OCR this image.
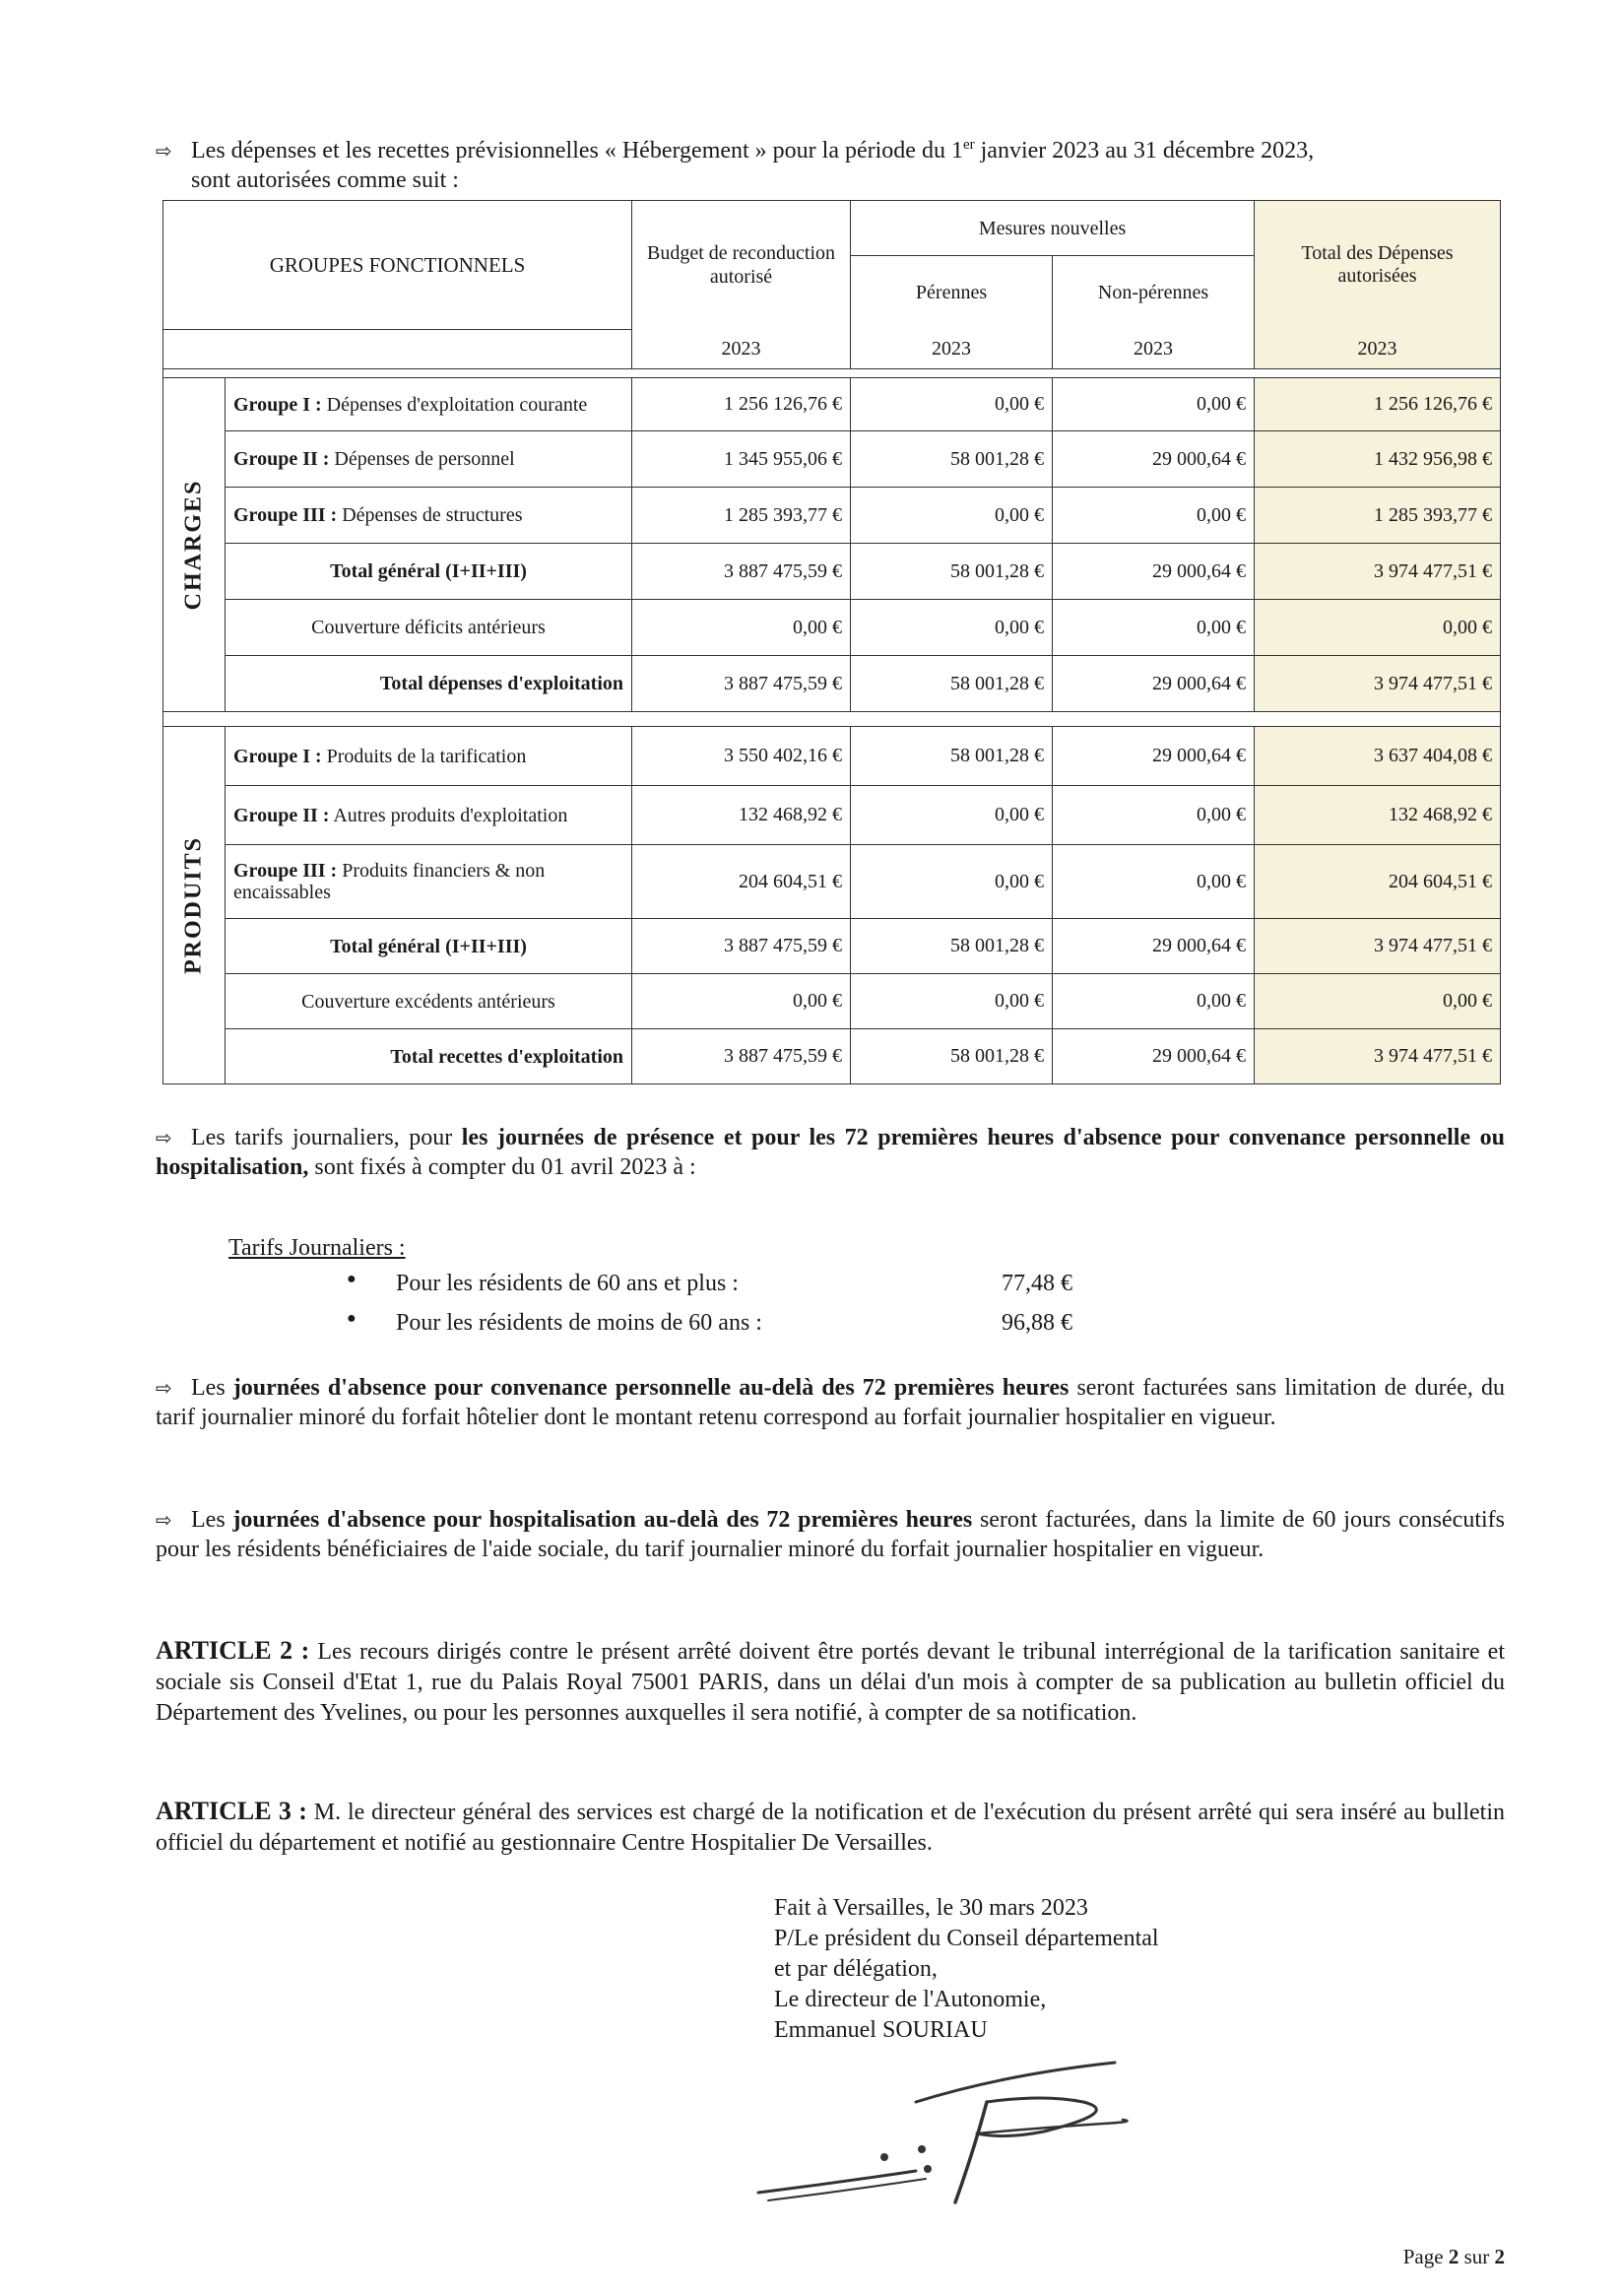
⇨ Les dépenses et les recettes prévisionnelles « Hébergement » pour la période du 1er janvier 2023 au 31 décembre 2023,
sont autorisées comme suit :
GROUPES FONCTIONNELS		Budget de reconduction autorisé	Mesures nouvelles		Total des Dépenses autorisées
			Pérennes	Non-pérennes	
		2023	2023	2023	2023

CHARGES	Groupe I : Dépenses d'exploitation courante	1 256 126,76 €	0,00 €	0,00 €	1 256 126,76 €
	Groupe II : Dépenses de personnel	1 345 955,06 €	58 001,28 €	29 000,64 €	1 432 956,98 €
	Groupe III : Dépenses de structures	1 285 393,77 €	0,00 €	0,00 €	1 285 393,77 €
	Total général (I+II+III)	3 887 475,59 €	58 001,28 €	29 000,64 €	3 974 477,51 €
	Couverture déficits antérieurs	0,00 €	0,00 €	0,00 €	0,00 €
	Total dépenses d'exploitation	3 887 475,59 €	58 001,28 €	29 000,64 €	3 974 477,51 €

PRODUITS	Groupe I : Produits de la tarification	3 550 402,16 €	58 001,28 €	29 000,64 €	3 637 404,08 €
	Groupe II : Autres produits d'exploitation	132 468,92 €	0,00 €	0,00 €	132 468,92 €
	Groupe III : Produits financiers & non encaissables	204 604,51 €	0,00 €	0,00 €	204 604,51 €
	Total général (I+II+III)	3 887 475,59 €	58 001,28 €	29 000,64 €	3 974 477,51 €
	Couverture excédents antérieurs	0,00 €	0,00 €	0,00 €	0,00 €
	Total recettes d'exploitation	3 887 475,59 €	58 001,28 €	29 000,64 €	3 974 477,51 €
⇨ Les tarifs journaliers, pour les journées de présence et pour les 72 premières heures d'absence pour convenance personnelle ou hospitalisation, sont fixés à compter du 01 avril 2023 à :
Tarifs Journaliers :
● Pour les résidents de 60 ans et plus :	77,48 €
● Pour les résidents de moins de 60 ans :	96,88 €
⇨ Les journées d'absence pour convenance personnelle au-delà des 72 premières heures seront facturées sans limitation de durée, du tarif journalier minoré du forfait hôtelier dont le montant retenu correspond au forfait journalier hospitalier en vigueur.
⇨ Les journées d'absence pour hospitalisation au-delà des 72 premières heures seront facturées, dans la limite de 60 jours consécutifs pour les résidents bénéficiaires de l'aide sociale, du tarif journalier minoré du forfait journalier hospitalier en vigueur.
ARTICLE 2 : Les recours dirigés contre le présent arrêté doivent être portés devant le tribunal interrégional de la tarification sanitaire et sociale sis Conseil d'Etat 1, rue du Palais Royal 75001 PARIS, dans un délai d'un mois à compter de sa publication au bulletin officiel du Département des Yvelines, ou pour les personnes auxquelles il sera notifié, à compter de sa notification.
ARTICLE 3 : M. le directeur général des services est chargé de la notification et de l'exécution du présent arrêté qui sera inséré au bulletin officiel du département et notifié au gestionnaire Centre Hospitalier De Versailles.
Fait à Versailles, le 30 mars 2023
P/Le président du Conseil départemental
et par délégation,
Le directeur de l'Autonomie,
Emmanuel SOURIAU
Page 2 sur 2
